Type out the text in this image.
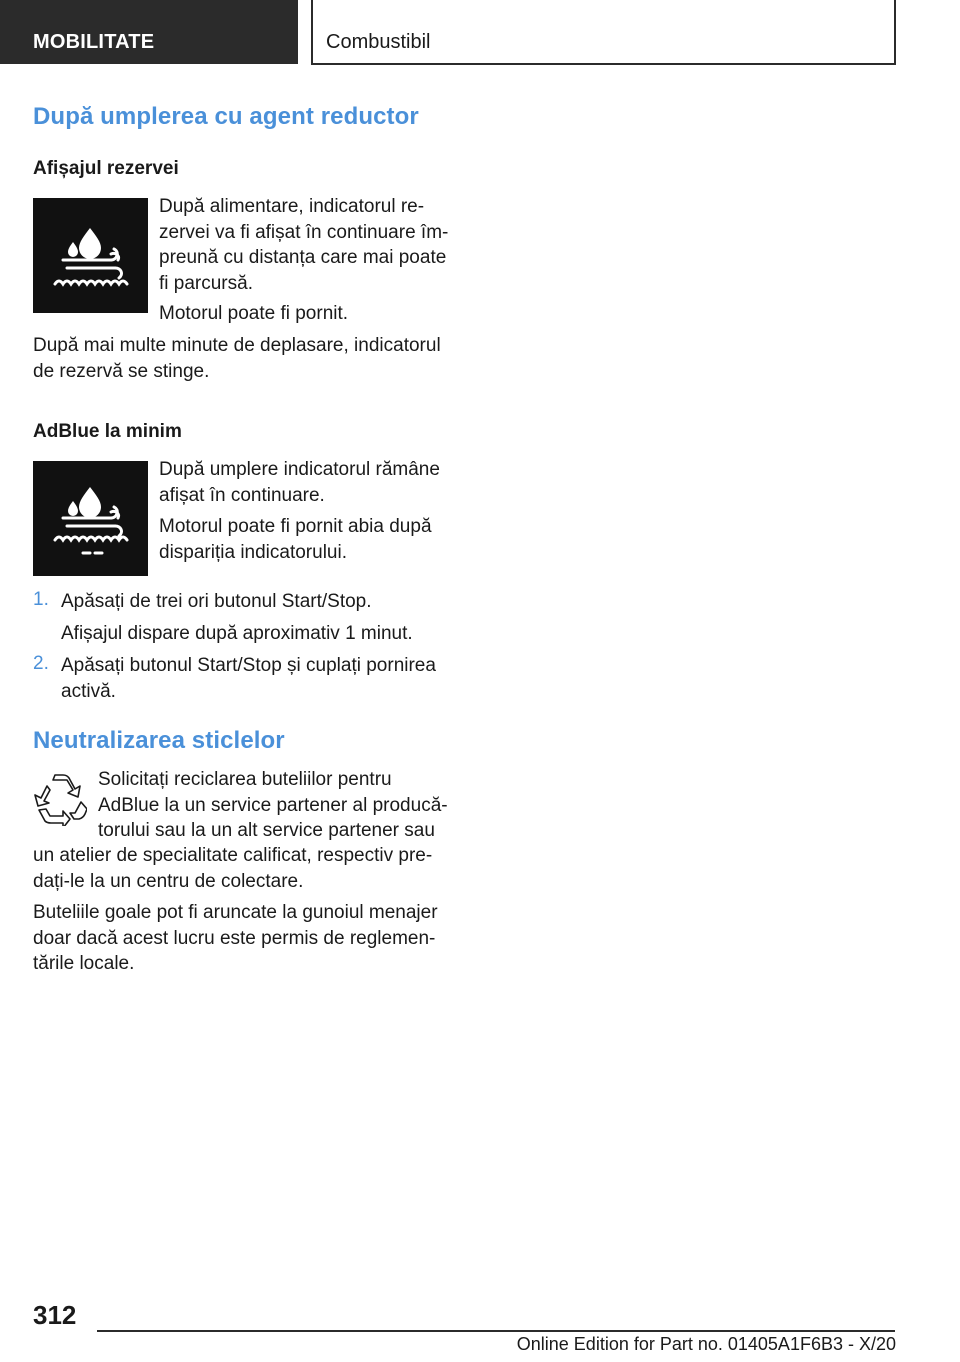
MOBILITATE	Combustibil
După umplerea cu agent reductor
Afișajul rezervei
După alimentare, indicatorul re-
zervei va fi afișat în continuare îm-
preună cu distanța care mai poate
fi parcursă.
Motorul poate fi pornit.
După mai multe minute de deplasare, indicatorul
de rezervă se stinge.
AdBlue la minim
După umplere indicatorul rămâne
afișat în continuare.
Motorul poate fi pornit abia după
dispariția indicatorului.
1. Apăsați de trei ori butonul Start/Stop.
Afișajul dispare după aproximativ 1 minut.
2. Apăsați butonul Start/Stop și cuplați pornirea
activă.
Neutralizarea sticlelor
Solicitați reciclarea buteliilor pentru
AdBlue la un service partener al producă-
torului sau la un alt service partener sau
un atelier de specialitate calificat, respectiv pre-
dați-le la un centru de colectare.
Buteliile goale pot fi aruncate la gunoiul menajer
doar dacă acest lucru este permis de reglemen-
tările locale.
312
Online Edition for Part no. 01405A1F6B3 - X/20
